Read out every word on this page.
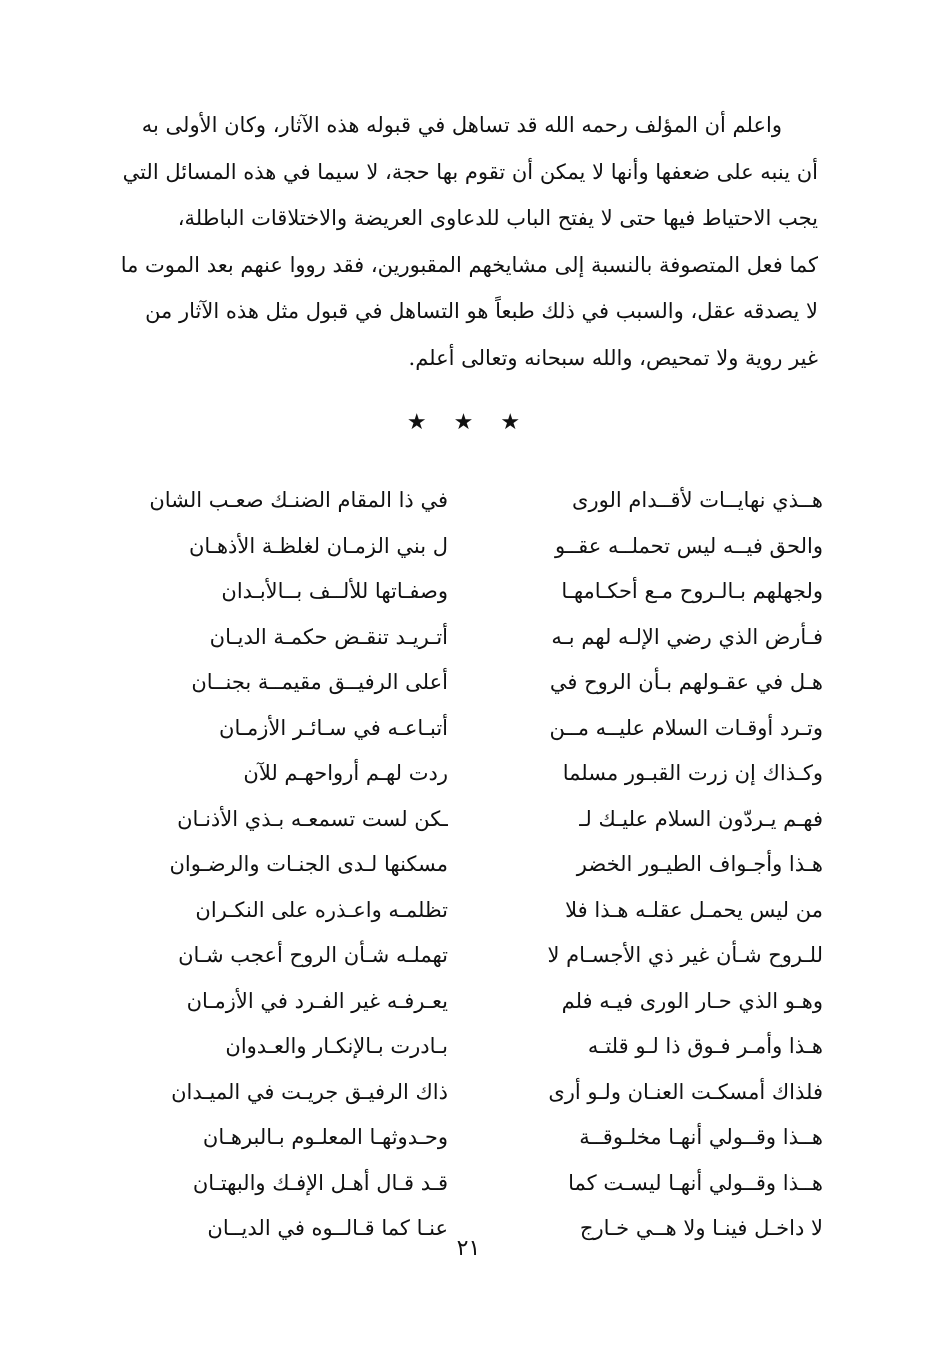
واعلم أن المؤلف رحمه الله قد تساهل في قبوله هذه الآثار، وكان الأولى به
أن ينبه على ضعفها وأنها لا يمكن أن تقوم بها حجة، لا سيما في هذه المسائل التي
يجب الاحتياط فيها حتى لا يفتح الباب للدعاوى العريضة والاختلاقات الباطلة،
كما فعل المتصوفة بالنسبة إلى مشايخهم المقبورين، فقد رووا عنهم بعد الموت ما
لا يصدقه عقل، والسبب في ذلك طبعاً هو التساهل في قبول مثل هذه الآثار من
غير روية ولا تمحيص، والله سبحانه وتعالى أعلم.
★ ★ ★
هــذي نهايــات لأقــدام الورى
في ذا المقام الضنـك صعـب الشان
والحق فيــه ليس تحملــه عقــو
ل بني الزمـان لغلظـة الأذهـان
ولجهلهم بـالـروح مـع أحكـامهـا
وصفـاتها للألــف بــالأبـدان
فـأرض الذي رضي الإلـه لهم بـه
أتـريـد تنقـض حكمـة الديـان
هـل في عقـولهم بـأن الروح في
أعلى الرفيــق مقيمــة بجنــان
وتـرد أوقـات السلام عليــه مــن
أتبـاعـه في سـائـر الأزمـان
وكـذاك إن زرت القبـور مسلما
ردت لهـم أرواحهـم للآن
فهـم يـردّون السلام عليـك لـ
ـكن لست تسمعـه بـذي الأذنـان
هـذا وأجـواف الطيـور الخضر
مسكنها لـدى الجنـات والرضـوان
من ليس يحمـل عقلـه هـذا فلا
تظلمـه واعـذره على النكـران
للـروح شـأن غير ذي الأجسـام لا
تهملـه شـأن الروح أعجب شـان
وهـو الذي حـار الورى فيـه فلم
يعـرفـه غير الفـرد في الأزمـان
هـذا وأمـر فـوق ذا لـو قلتـه
بـادرت بـالإنكـار والعـدوان
فلذاك أمسكـت العنـان ولـو أرى
ذاك الرفيـق جريـت في الميـدان
هــذا وقــولي أنهـا مخلـوقــة
وحـدوثهـا المعلـوم بـالبرهـان
هــذا وقــولي أنهـا ليسـت كما
قـد قـال أهـل الإفـك والبهتـان
لا داخـل فينـا ولا هــي خـارج
عنـا كما قـالــوه في الديــان
٢١
